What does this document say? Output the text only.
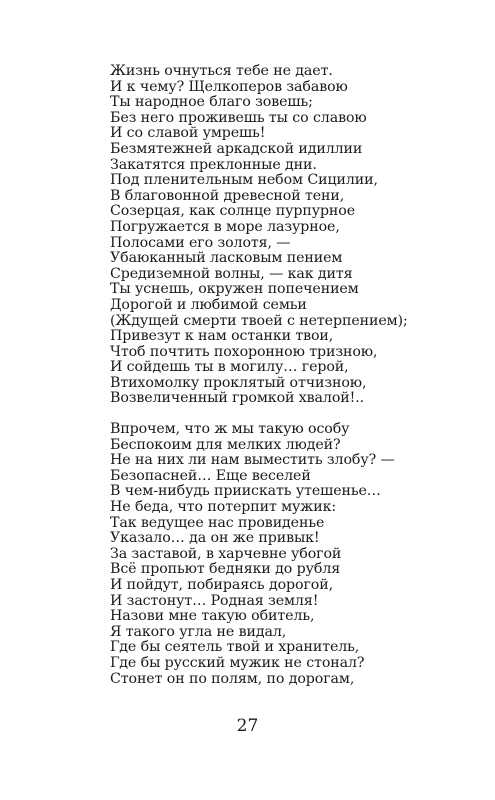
Жизнь очнуться тебе не дает.
И к чему? Щелкоперов забавою
Ты народное благо зовешь;
Без него проживешь ты со славою
И со славой умрешь!
Безмятежней аркадской идиллии
Закатятся преклонные дни.
Под пленительным небом Сицилии,
В благовонной древесной тени,
Созерцая, как солнце пурпурное
Погружается в море лазурное,
Полосами его золотя, —
Убаюканный ласковым пением
Средиземной волны, — как дитя
Ты уснешь, окружен попечением
Дорогой и любимой семьи
(Ждущей смерти твоей с нетерпением);
Привезут к нам останки твои,
Чтоб почтить похоронною тризною,
И сойдешь ты в могилу… герой,
Втихомолку проклятый отчизною,
Возвеличенный громкой хвалой!..
Впрочем, что ж мы такую особу
Беспокоим для мелких людей?
Не на них ли нам выместить злобу? —
Безопасней… Еще веселей
В чем-нибудь приискать утешенье…
Не беда, что потерпит мужик:
Так ведущее нас провиденье
Указало… да он же привык!
За заставой, в харчевне убогой
Всё пропьют бедняки до рубля
И пойдут, побираясь дорогой,
И застонут… Родная земля!
Назови мне такую обитель,
Я такого угла не видал,
Где бы сеятель твой и хранитель,
Где бы русский мужик не стонал?
Стонет он по полям, по дорогам,
27
